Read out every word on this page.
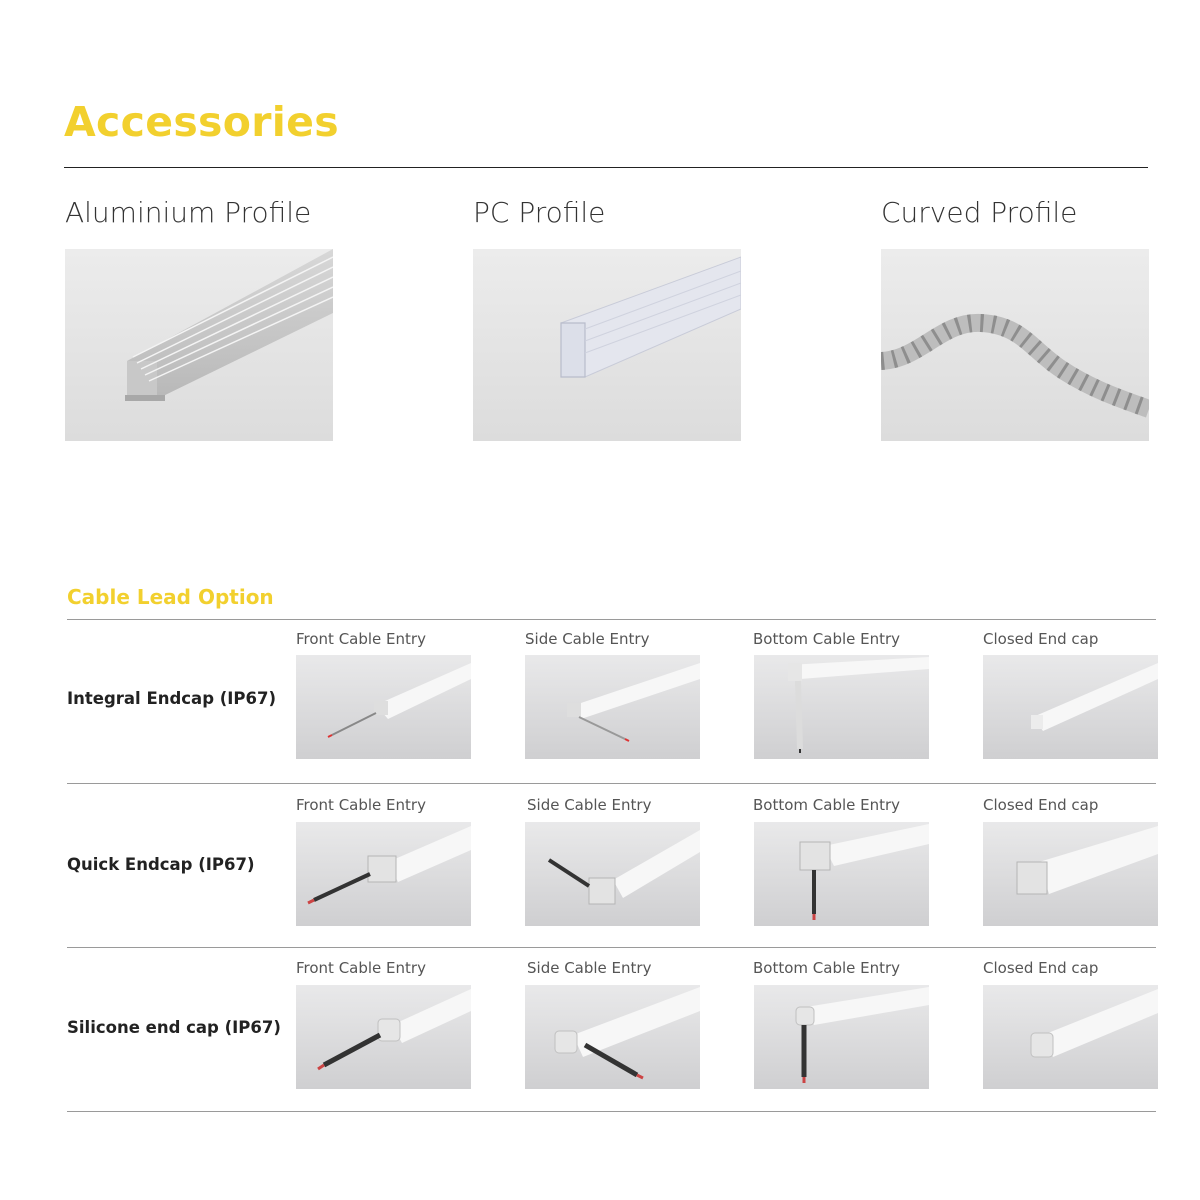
Accessories
Aluminium Profile	PC Profile	Curved Profile
Cable Lead Option
Integral Endcap (IP67)
Front Cable Entry	Side Cable Entry	Bottom Cable Entry	Closed End cap
Quick Endcap (IP67)
Front Cable Entry	Side Cable Entry	Bottom Cable Entry	Closed End cap
Silicone end cap (IP67)
Front Cable Entry	Side Cable Entry	Bottom Cable Entry	Closed End cap
